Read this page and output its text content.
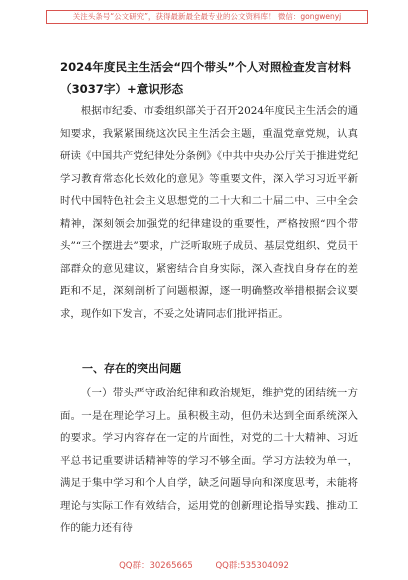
关注头条号“公文研究”，获得最新最全最专业的公文资料库！ 微信：gongwenyj
2024年度民主生活会“四个带头”个人对照检查发言材料（3037字）+意识形态
根据市纪委、市委组织部关于召开2024年度民主生活会的通知要求，我紧紧围绕这次民主生活会主题，重温党章党规，认真研读《中国共产党纪律处分条例》《中共中央办公厅关于推进党纪学习教育常态化长效化的意见》等重要文件，深入学习习近平新时代中国特色社会主义思想党的二十大和二十届二中、三中全会精神，深刻领会加强党的纪律建设的重要性，严格按照“四个带头”“三个摆进去”要求，广泛听取班子成员、基层党组织、党员干部群众的意见建议，紧密结合自身实际，深入查找自身存在的差距和不足，深刻剖析了问题根源，逐一明确整改举措根据会议要求，现作如下发言，不妥之处请同志们批评指正。
一、存在的突出问题
（一）带头严守政治纪律和政治规矩，维护党的团结统一方面。一是在理论学习上。虽积极主动，但仍未达到全面系统深入的要求。学习内容存在一定的片面性，对党的二十大精神、习近平总书记重要讲话精神等的学习不够全面。学习方法较为单一，满足于集中学习和个人自学，缺乏问题导向和深度思考，未能将理论与实际工作有效结合，运用党的创新理论指导实践、推动工作的能力还有待
QQ群：30265665	QQ群:535304092
